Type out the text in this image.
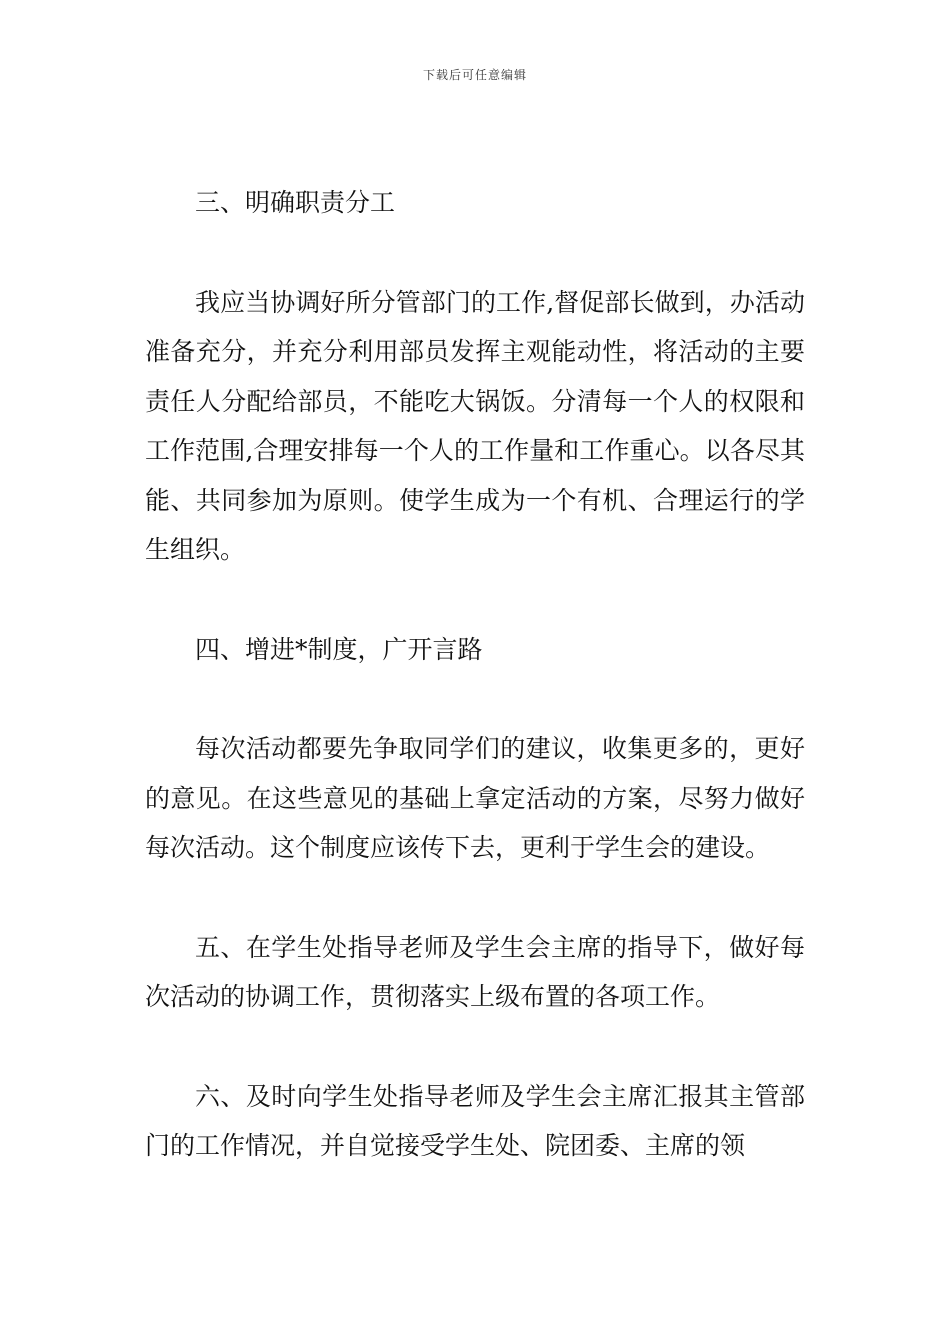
下载后可任意编辑

三、明确职责分工

我应当协调好所分管部门的工作,督促部长做到，办活动准备充分，并充分利用部员发挥主观能动性，将活动的主要责任人分配给部员，不能吃大锅饭。分清每一个人的权限和工作范围,合理安排每一个人的工作量和工作重心。以各尽其能、共同参加为原则。使学生成为一个有机、合理运行的学生组织。

四、增进*制度，广开言路

每次活动都要先争取同学们的建议，收集更多的，更好的意见。在这些意见的基础上拿定活动的方案，尽努力做好每次活动。这个制度应该传下去，更利于学生会的建设。

五、在学生处指导老师及学生会主席的指导下，做好每次活动的协调工作，贯彻落实上级布置的各项工作。

六、及时向学生处指导老师及学生会主席汇报其主管部门的工作情况，并自觉接受学生处、院团委、主席的领
